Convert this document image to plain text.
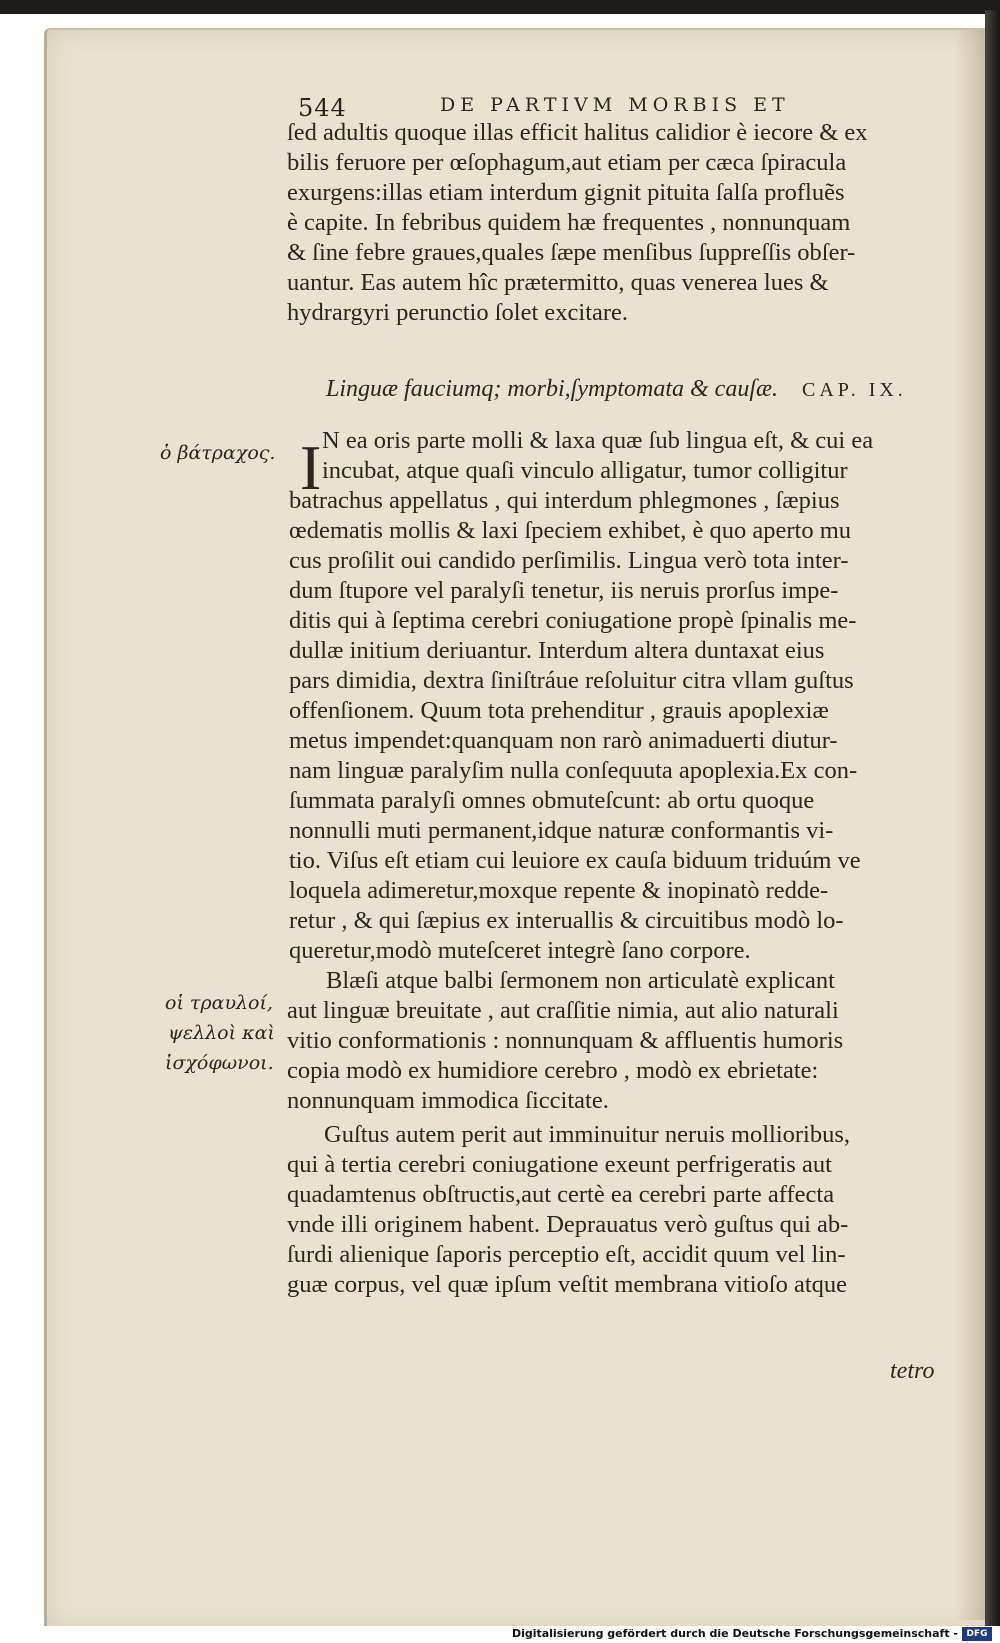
544	DE PARTIVM MORBIS ET
ſed adultis quoque illas efficit halitus calidior è iecore & ex
bilis feruore per œſophagum,aut etiam per cæca ſpiracula
exurgens:illas etiam interdum gignit pituita ſalſa profluẽs
è capite. In febribus quidem hæ frequentes , nonnunquam
& ſine febre graues,quales ſæpe menſibus ſuppreſſis obſer-
uantur. Eas autem hîc prætermitto, quas venerea lues &
hydrargyri perunctio ſolet excitare.
Linguæ fauciumq; morbi,ſymptomata & cauſæ. CAP. IX.
ὁ βάτραχος.
οἱ τραυλοί,
ψελλοὶ καὶ
ἰσχόφωνοι.
I N ea oris parte molli & laxa quæ ſub lingua eſt, & cui ea
incubat, atque quaſi vinculo alligatur, tumor colligitur
batrachus appellatus , qui interdum phlegmones , ſæpius
œdematis mollis & laxi ſpeciem exhibet, è quo aperto mu
cus proſilit oui candido perſimilis. Lingua verò tota inter-
dum ſtupore vel paralyſi tenetur, iis neruis prorſus impe-
ditis qui à ſeptima cerebri coniugatione propè ſpinalis me-
dullæ initium deriuantur. Interdum altera duntaxat eius
pars dimidia, dextra ſiniſtráue reſoluitur citra vllam guſtus
offenſionem. Quum tota prehenditur , grauis apoplexiæ
metus impendet:quanquam non rarò animaduerti diutur-
nam linguæ paralyſim nulla conſequuta apoplexia.Ex con-
ſummata paralyſi omnes obmuteſcunt: ab ortu quoque
nonnulli muti permanent,idque naturæ conformantis vi-
tio. Viſus eſt etiam cui leuiore ex cauſa biduum triduúm ve
loquela adimeretur,moxque repente & inopinatò redde-
retur , & qui ſæpius ex interuallis & circuitibus modò lo-
queretur,modò muteſceret integrè ſano corpore.
Blæſi atque balbi ſermonem non articulatè explicant
aut linguæ breuitate , aut craſſitie nimia, aut alio naturali
vitio conformationis : nonnunquam & affluentis humoris
copia modò ex humidiore cerebro , modò ex ebrietate:
nonnunquam immodica ſiccitate.
Guſtus autem perit aut imminuitur neruis mollioribus,
qui à tertia cerebri coniugatione exeunt perfrigeratis aut
quadamtenus obſtructis,aut certè ea cerebri parte affecta
vnde illi originem habent. Deprauatus verò guſtus qui ab-
ſurdi alienique ſaporis perceptio eſt, accidit quum vel lin-
guæ corpus, vel quæ ipſum veſtit membrana vitioſo atque
tetro
Digitalisierung gefördert durch die Deutsche Forschungsgemeinschaft - DFG
